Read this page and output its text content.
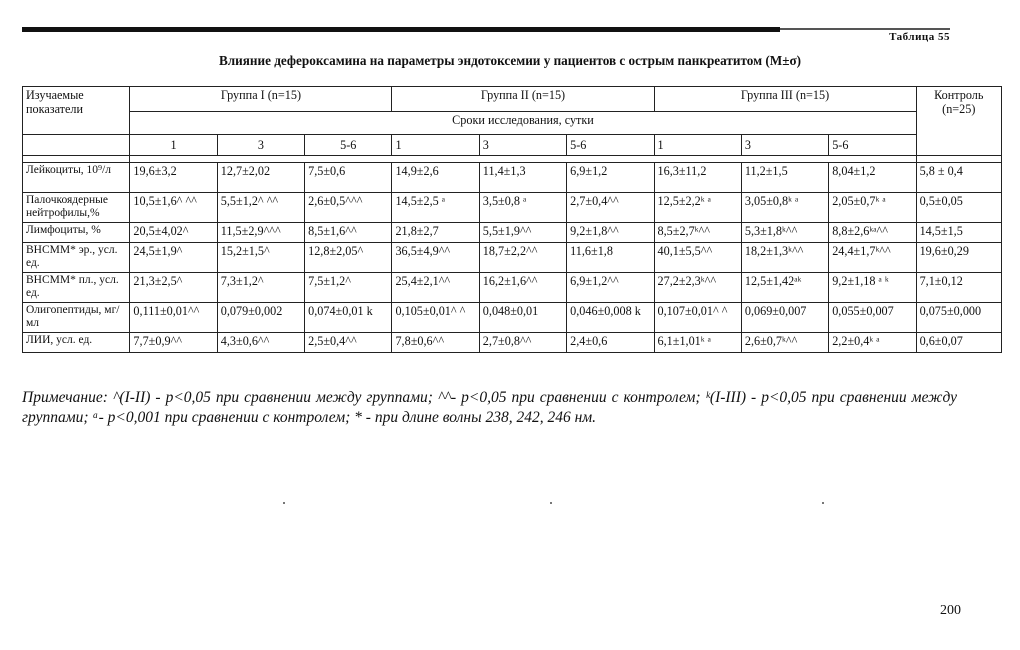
Таблица 55
Влияние дефероксамина на параметры эндотоксемии у пациентов с острым панкреатитом (M±σ)
Изучаемые показатели	Группа I (n=15)			Группа II (n=15)			Группа III (n=15)			Контроль (n=25)
	Сроки исследования, сутки									
	1	3	5-6	1	3	5-6	1	3	5-6	

Лейкоциты, 10⁹/л	19,6±3,2	12,7±2,02	7,5±0,6	14,9±2,6	11,4±1,3	6,9±1,2	16,3±11,2	11,2±1,5	8,04±1,2	5,8 ± 0,4
Палочкоядерные нейтрофилы,%	10,5±1,6^ ^^	5,5±1,2^ ^^	2,6±0,5^^^	14,5±2,5 ᵃ	3,5±0,8 ᵃ	2,7±0,4^^	12,5±2,2ᵏ ᵃ	3,05±0,8ᵏ ᵃ	2,05±0,7ᵏ ᵃ	0,5±0,05
Лимфоциты, %	20,5±4,02^	11,5±2,9^^^	8,5±1,6^^	21,8±2,7	5,5±1,9^^	9,2±1,8^^	8,5±2,7ᵏ^^	5,3±1,8ᵏ^^	8,8±2,6ᵏᵃ^^	14,5±1,5
ВНСММ* эр., усл. ед.	24,5±1,9^	15,2±1,5^	12,8±2,05^	36,5±4,9^^	18,7±2,2^^	11,6±1,8	40,1±5,5^^	18,2±1,3ᵏ^^	24,4±1,7ᵏ^^	19,6±0,29
ВНСММ* пл., усл. ед.	21,3±2,5^	7,3±1,2^	7,5±1,2^	25,4±2,1^^	16,2±1,6^^	6,9±1,2^^	27,2±2,3ᵏ^^	12,5±1,42ᵃᵏ	9,2±1,18 ᵃ ᵏ	7,1±0,12
Олигопептиды, мг/мл	0,111±0,01^^	0,079±0,002	0,074±0,01 k	0,105±0,01^ ^	0,048±0,01	0,046±0,008 k	0,107±0,01^ ^	0,069±0,007	0,055±0,007	0,075±0,000
ЛИИ, усл. ед.	7,7±0,9^^	4,3±0,6^^	2,5±0,4^^	7,8±0,6^^	2,7±0,8^^	2,4±0,6	6,1±1,01ᵏ ᵃ	2,6±0,7ᵏ^^	2,2±0,4ᵏ ᵃ	0,6±0,07
Примечание: ^(I-II) - p<0,05 при сравнении между группами; ^^- p<0,05 при сравнении с контролем; ᵏ(I-III) - p<0,05 при сравнении между группами; ᵃ- p<0,001 при сравнении с контролем; * - при длине волны 238, 242, 246 нм.
200
